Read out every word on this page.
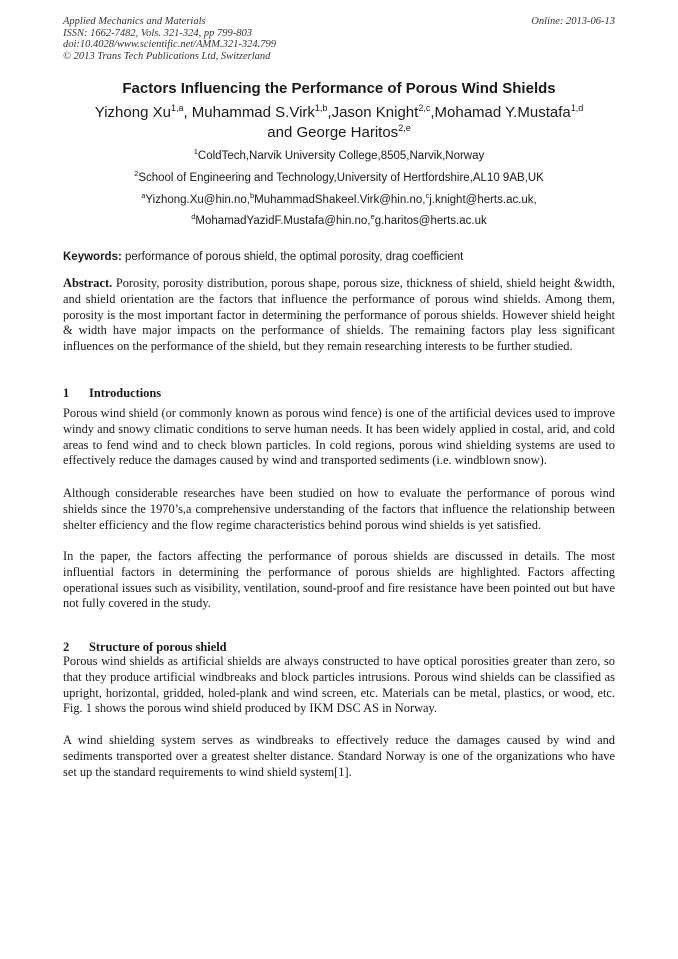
Applied Mechanics and Materials
ISSN: 1662-7482, Vols. 321-324, pp 799-803
doi:10.4028/www.scientific.net/AMM.321-324.799
© 2013 Trans Tech Publications Ltd, Switzerland
Online: 2013-06-13
Factors Influencing the Performance of Porous Wind Shields
Yizhong Xu$^{1,a}$, Muhammad S.Virk$^{1,b}$,Jason Knight$^{2,c}$,Mohamad Y.Mustafa$^{1,d}$
and George Haritos$^{2,e}$
$^1$ColdTech,Narvik University College,8505,Narvik,Norway
$^2$School of Engineering and Technology,University of Hertfordshire,AL10 9AB,UK
$^a$Yizhong.Xu@hin.no,$^b$MuhammadShakeel.Virk@hin.no,$^c$j.knight@herts.ac.uk,
$^d$MohamadYazidF.Mustafa@hin.no,$^e$g.haritos@herts.ac.uk
Keywords: performance of porous shield, the optimal porosity, drag coefficient
Abstract. Porosity, porosity distribution, porous shape, porous size, thickness of shield, shield height &width, and shield orientation are the factors that influence the performance of porous wind shields. Among them, porosity is the most important factor in determining the performance of porous shields. However shield height & width have major impacts on the performance of shields. The remaining factors play less significant influences on the performance of the shield, but they remain researching interests to be further studied.
1 Introductions
Porous wind shield (or commonly known as porous wind fence) is one of the artificial devices used to improve windy and snowy climatic conditions to serve human needs. It has been widely applied in costal, arid, and cold areas to fend wind and to check blown particles. In cold regions, porous wind shielding systems are used to effectively reduce the damages caused by wind and transported sediments (i.e. windblown snow).
Although considerable researches have been studied on how to evaluate the performance of porous wind shields since the 1970’s,a comprehensive understanding of the factors that influence the relationship between shelter efficiency and the flow regime characteristics behind porous wind shields is yet satisfied.
In the paper, the factors affecting the performance of porous shields are discussed in details. The most influential factors in determining the performance of porous shields are highlighted. Factors affecting operational issues such as visibility, ventilation, sound-proof and fire resistance have been pointed out but have not fully covered in the study.
2 Structure of porous shield
Porous wind shields as artificial shields are always constructed to have optical porosities greater than zero, so that they produce artificial windbreaks and block particles intrusions. Porous wind shields can be classified as upright, horizontal, gridded, holed-plank and wind screen, etc. Materials can be metal, plastics, or wood, etc. Fig. 1 shows the porous wind shield produced by IKM DSC AS in Norway.
A wind shielding system serves as windbreaks to effectively reduce the damages caused by wind and sediments transported over a greatest shelter distance. Standard Norway is one of the organizations who have set up the standard requirements to wind shield system[1].
